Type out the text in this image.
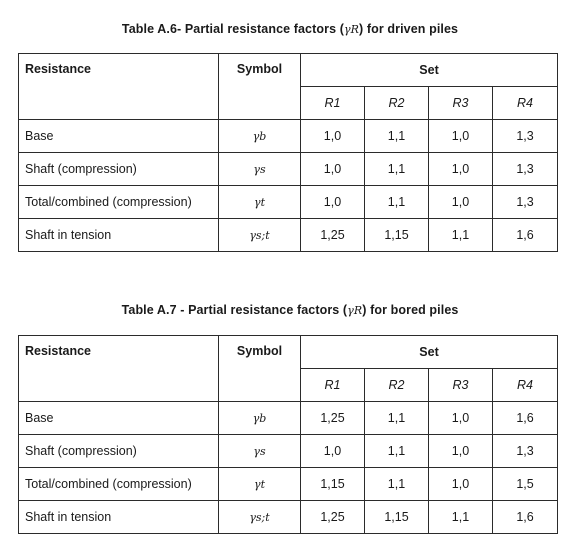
Table A.6- Partial resistance factors (γR) for driven piles
Resistance	Symbol	Set			
		R1	R2	R3	R4
Base	γb	1,0	1,1	1,0	1,3
Shaft (compression)	γs	1,0	1,1	1,0	1,3
Total/combined (compression)	γt	1,0	1,1	1,0	1,3
Shaft in tension	γs;t	1,25	1,15	1,1	1,6
Table A.7 - Partial resistance factors (γR) for bored piles
Resistance	Symbol	Set			
		R1	R2	R3	R4
Base	γb	1,25	1,1	1,0	1,6
Shaft (compression)	γs	1,0	1,1	1,0	1,3
Total/combined (compression)	γt	1,15	1,1	1,0	1,5
Shaft in tension	γs;t	1,25	1,15	1,1	1,6
